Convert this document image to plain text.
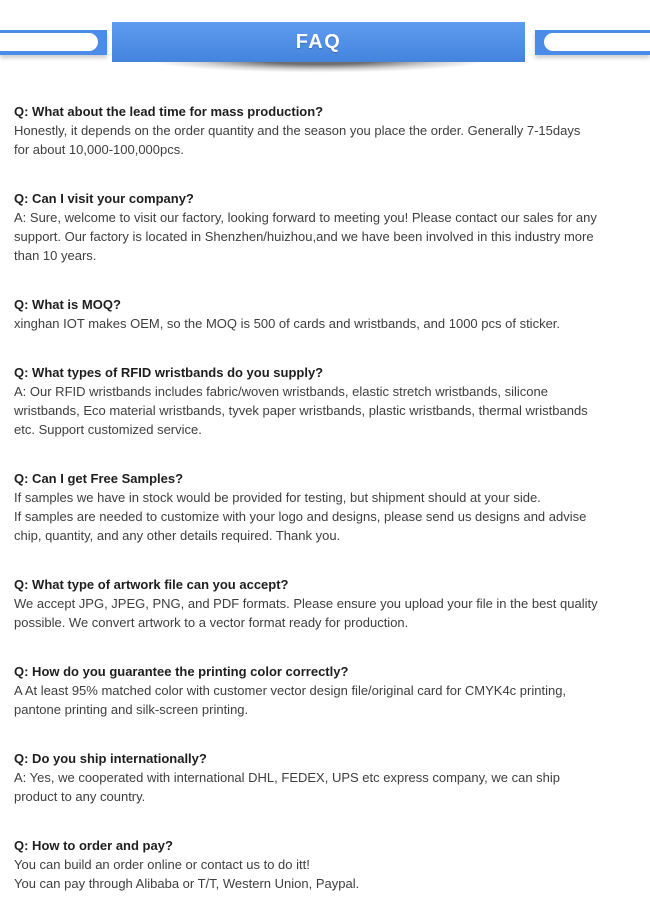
FAQ
Q: What about the lead time for mass production?
Honestly, it depends on the order quantity and the season you place the order. Generally 7-15days
for about 10,000-100,000pcs.
Q: Can I visit your company?
A: Sure, welcome to visit our factory, looking forward to meeting you! Please contact our sales for any
support. Our factory is located in Shenzhen/huizhou,and we have been involved in this industry more
than 10 years.
Q: What is MOQ?
xinghan IOT makes OEM, so the MOQ is 500 of cards and wristbands, and 1000 pcs of sticker.
Q: What types of RFID wristbands do you supply?
A: Our RFID wristbands includes fabric/woven wristbands, elastic stretch wristbands, silicone
wristbands, Eco material wristbands, tyvek paper wristbands, plastic wristbands, thermal wristbands
etc. Support customized service.
Q: Can I get Free Samples?
If samples we have in stock would be provided for testing, but shipment should at your side.
If samples are needed to customize with your logo and designs, please send us designs and advise
chip, quantity, and any other details required. Thank you.
Q: What type of artwork file can you accept?
We accept JPG, JPEG, PNG, and PDF formats. Please ensure you upload your file in the best quality
possible. We convert artwork to a vector format ready for production.
Q: How do you guarantee the printing color correctly?
A At least 95% matched color with customer vector design file/original card for CMYK4c printing,
pantone printing and silk-screen printing.
Q: Do you ship internationally?
A: Yes, we cooperated with international DHL, FEDEX, UPS etc express company, we can ship
product to any country.
Q: How to order and pay?
You can build an order online or contact us to do itt!
You can pay through Alibaba or T/T, Western Union, Paypal.
